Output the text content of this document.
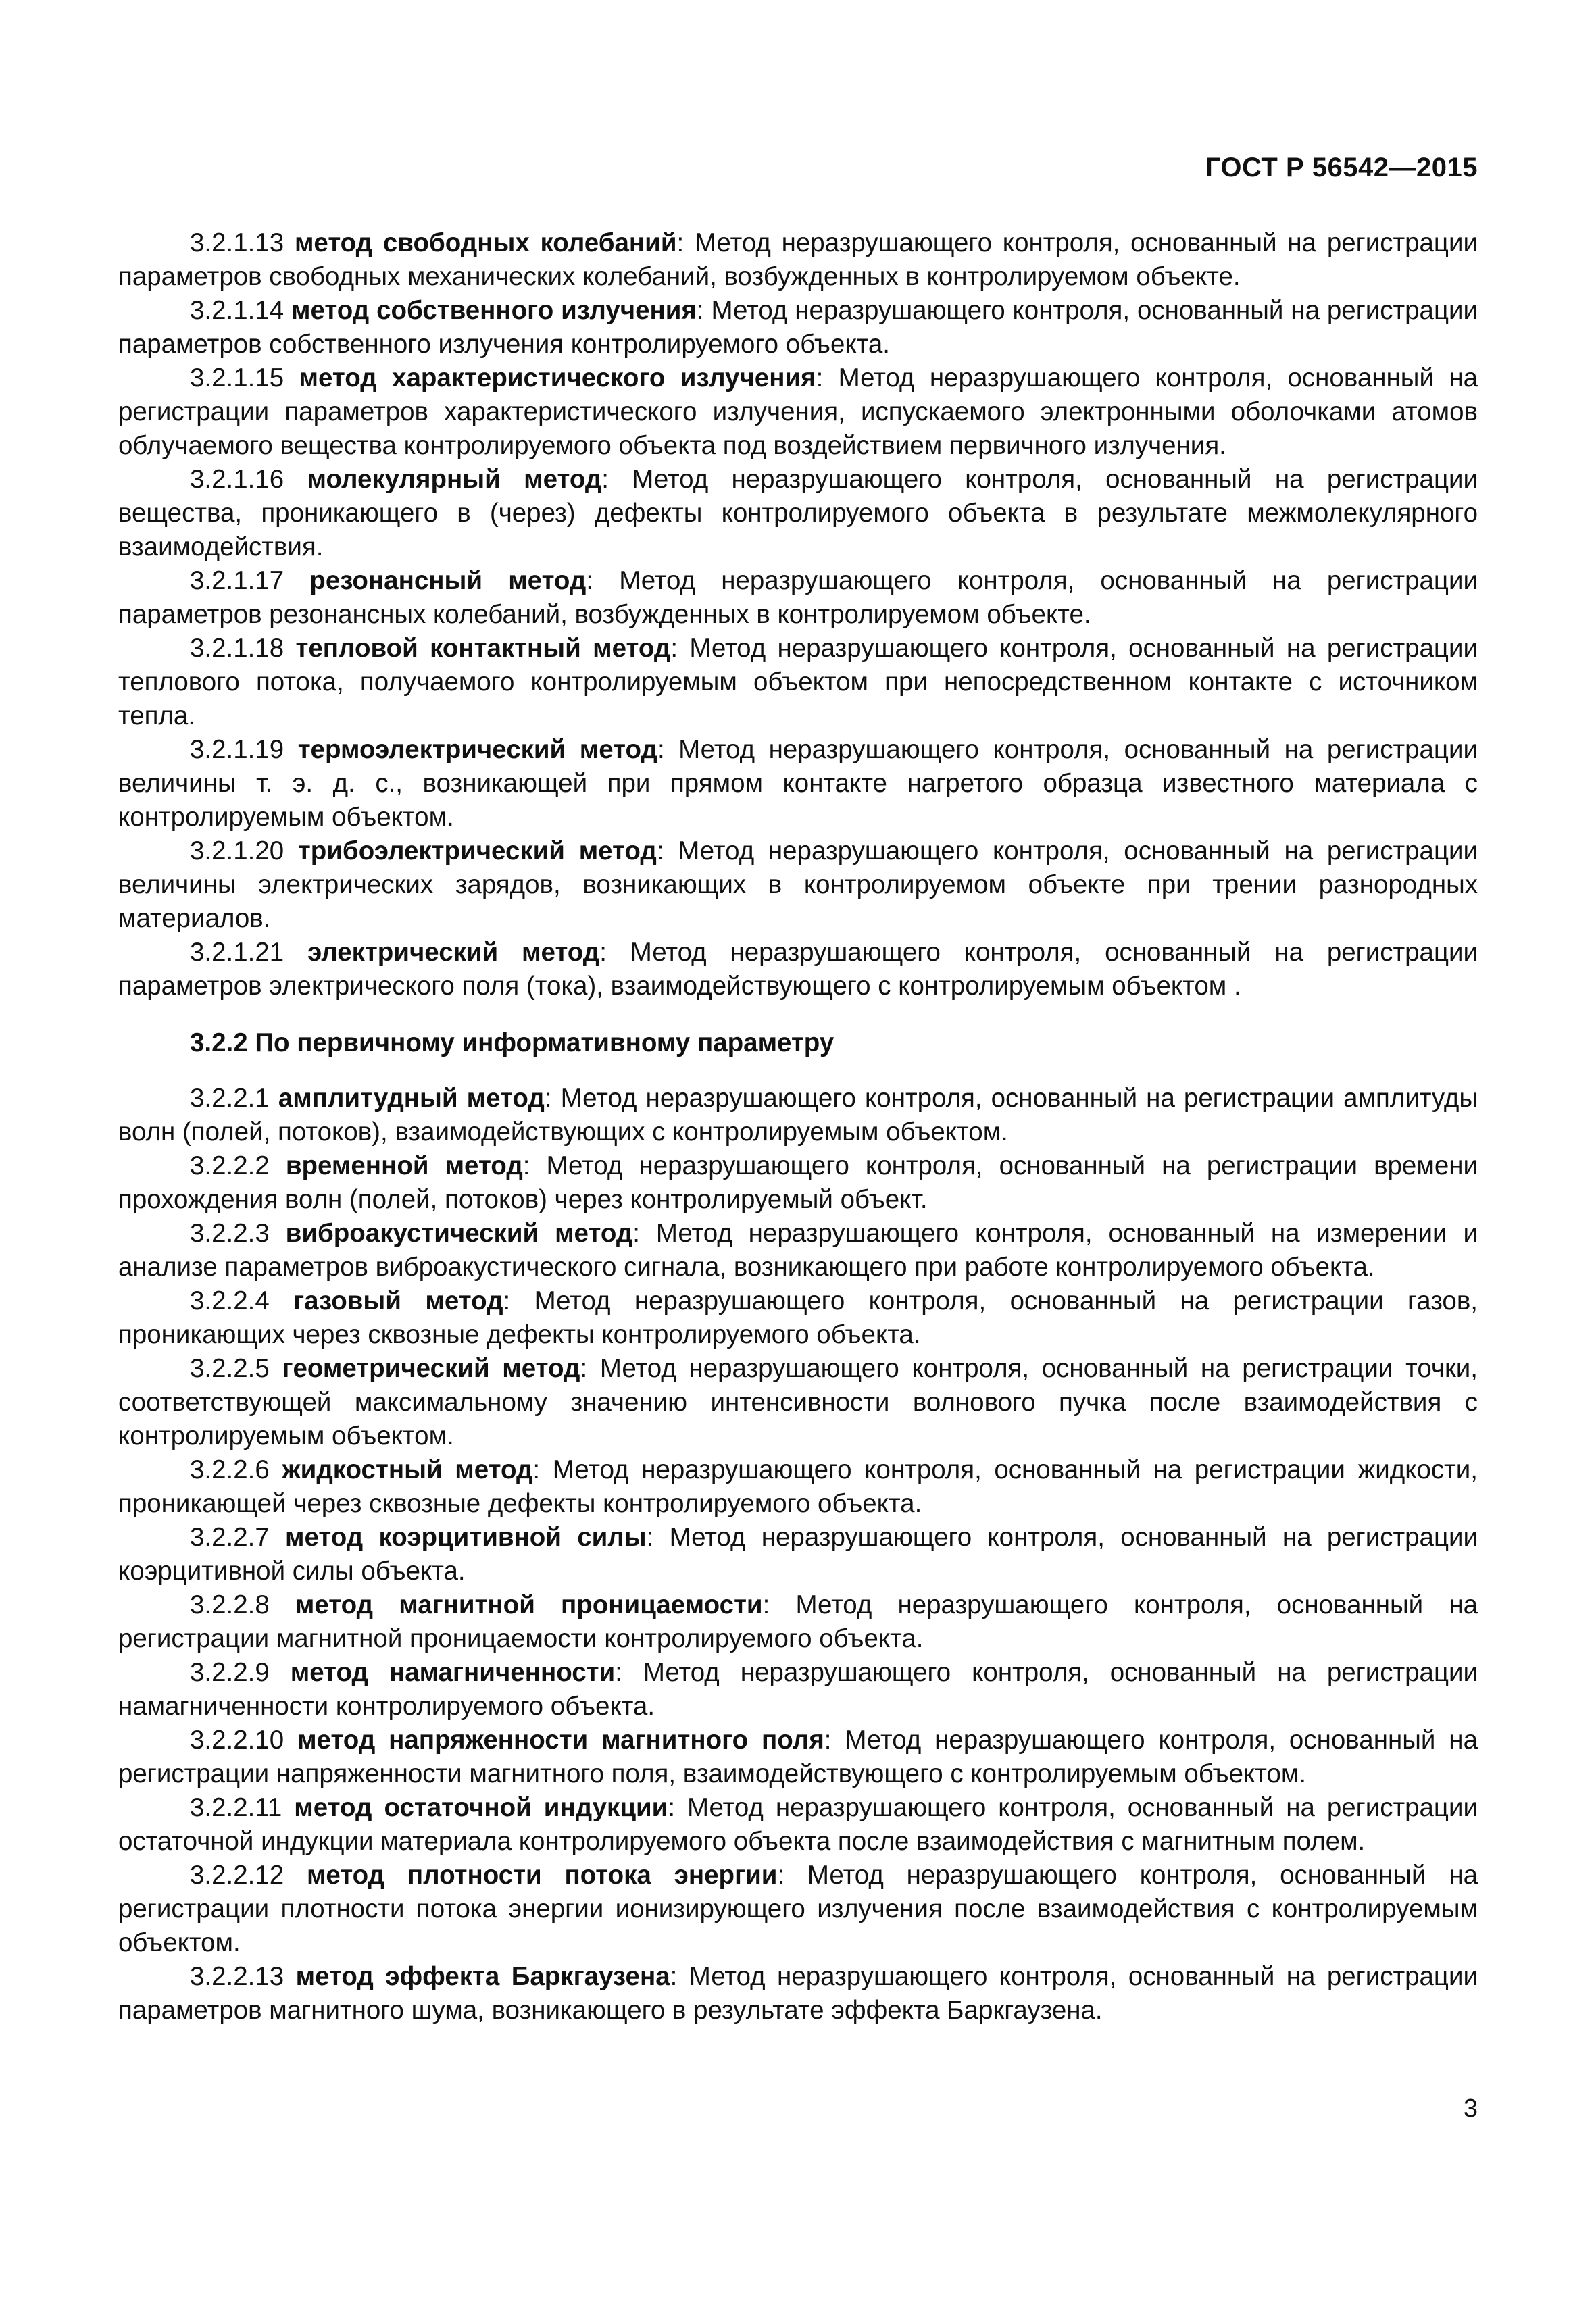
ГОСТ Р 56542—2015

3.2.1.13 метод свободных колебаний: Метод неразрушающего контроля, основанный на регистрации параметров свободных механических колебаний, возбужденных в контролируемом объекте.

3.2.1.14 метод собственного излучения: Метод неразрушающего контроля, основанный на регистрации параметров собственного излучения контролируемого объекта.

3.2.1.15 метод характеристического излучения: Метод неразрушающего контроля, основанный на регистрации параметров характеристического излучения, испускаемого электронными оболочками атомов облучаемого вещества контролируемого объекта под воздействием первичного излучения.

3.2.1.16 молекулярный метод: Метод неразрушающего контроля, основанный на регистрации вещества, проникающего в (через) дефекты контролируемого объекта в результате межмолекулярного взаимодействия.

3.2.1.17 резонансный метод: Метод неразрушающего контроля, основанный на регистрации параметров резонансных колебаний, возбужденных в контролируемом объекте.

3.2.1.18 тепловой контактный метод: Метод неразрушающего контроля, основанный на регистрации теплового потока, получаемого контролируемым объектом при непосредственном контакте с источником тепла.

3.2.1.19 термоэлектрический метод: Метод неразрушающего контроля, основанный на регистрации величины т. э. д. с., возникающей при прямом контакте нагретого образца известного материала с контролируемым объектом.

3.2.1.20 трибоэлектрический метод: Метод неразрушающего контроля, основанный на регистрации величины электрических зарядов, возникающих в контролируемом объекте при трении разнородных материалов.

3.2.1.21 электрический метод: Метод неразрушающего контроля, основанный на регистрации параметров электрического поля (тока), взаимодействующего с контролируемым объектом .

3.2.2 По первичному информативному параметру

3.2.2.1 амплитудный метод: Метод неразрушающего контроля, основанный на регистрации амплитуды волн (полей, потоков), взаимодействующих с контролируемым объектом.

3.2.2.2 временной метод: Метод неразрушающего контроля, основанный на регистрации времени прохождения волн (полей, потоков) через контролируемый объект.

3.2.2.3 виброакустический метод: Метод неразрушающего контроля, основанный на измерении и анализе параметров виброакустического сигнала, возникающего при работе контролируемого объекта.

3.2.2.4 газовый метод: Метод неразрушающего контроля, основанный на регистрации газов, проникающих через сквозные дефекты контролируемого объекта.

3.2.2.5 геометрический метод: Метод неразрушающего контроля, основанный на регистрации точки, соответствующей максимальному значению интенсивности волнового пучка после взаимодействия с контролируемым объектом.

3.2.2.6 жидкостный метод: Метод неразрушающего контроля, основанный на регистрации жидкости, проникающей через сквозные дефекты контролируемого объекта.

3.2.2.7 метод коэрцитивной силы: Метод неразрушающего контроля, основанный на регистрации коэрцитивной силы объекта.

3.2.2.8 метод магнитной проницаемости: Метод неразрушающего контроля, основанный на регистрации магнитной проницаемости контролируемого объекта.

3.2.2.9 метод намагниченности: Метод неразрушающего контроля, основанный на регистрации намагниченности контролируемого объекта.

3.2.2.10 метод напряженности магнитного поля: Метод неразрушающего контроля, основанный на регистрации напряженности магнитного поля, взаимодействующего с контролируемым объектом.

3.2.2.11 метод остаточной индукции: Метод неразрушающего контроля, основанный на регистрации остаточной индукции материала контролируемого объекта после взаимодействия с магнитным полем.

3.2.2.12 метод плотности потока энергии: Метод неразрушающего контроля, основанный на регистрации плотности потока энергии ионизирующего излучения после взаимодействия с контролируемым объектом.

3.2.2.13 метод эффекта Баркгаузена: Метод неразрушающего контроля, основанный на регистрации параметров магнитного шума, возникающего в результате эффекта Баркгаузена.

3
